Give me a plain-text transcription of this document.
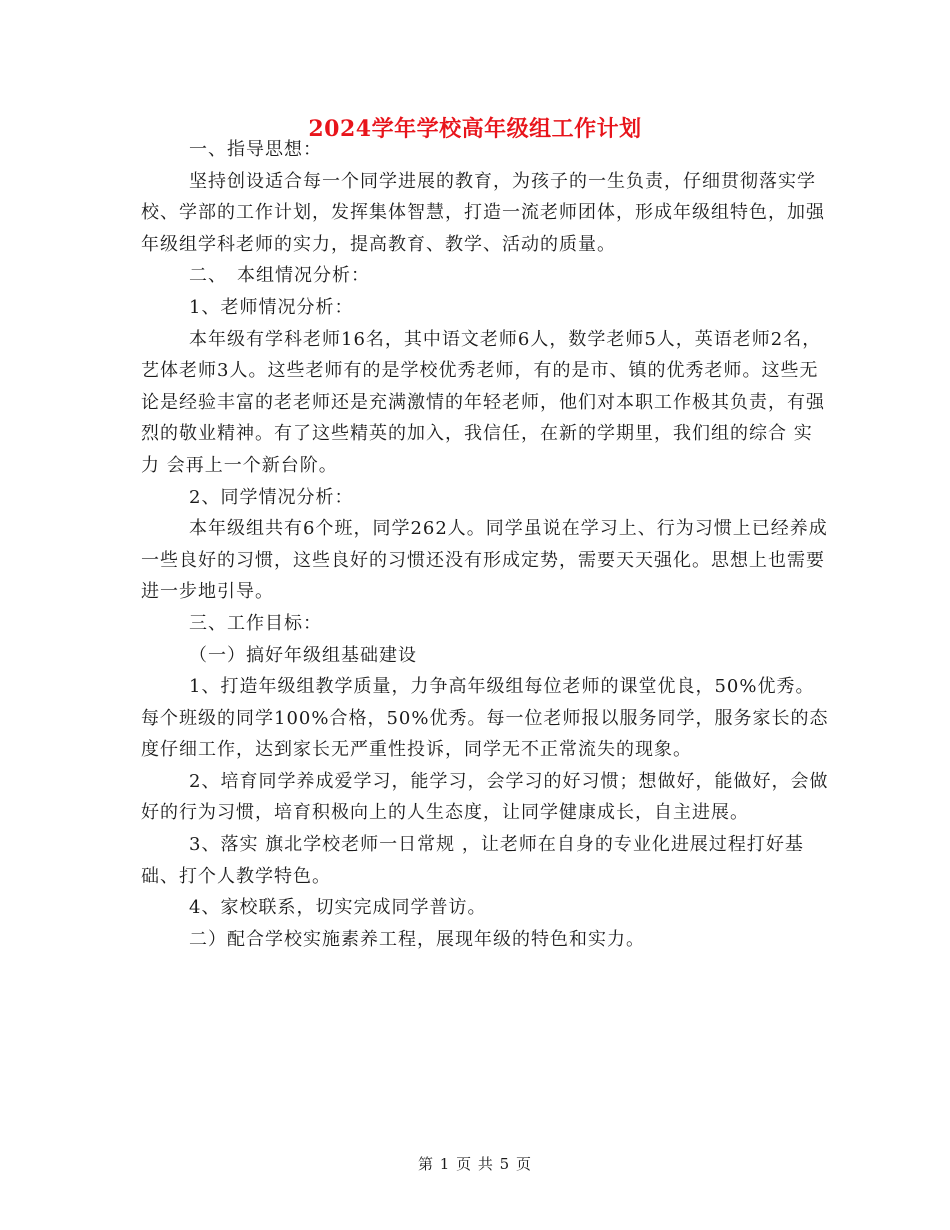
2024学年学校高年级组工作计划

一、指导思想：

坚持创设适合每一个同学进展的教育，为孩子的一生负责，仔细贯彻落实学校、学部的工作计划，发挥集体智慧，打造一流老师团体，形成年级组特色，加强年级组学科老师的实力，提高教育、教学、活动的质量。

二、　本组情况分析：

1、老师情况分析：

本年级有学科老师16名，其中语文老师6人，数学老师5人，英语老师2名，艺体老师3人。这些老师有的是学校优秀老师，有的是市、镇的优秀老师。这些无论是经验丰富的老老师还是充满激情的年轻老师，他们对本职工作极其负责，有强烈的敬业精神。有了这些精英的加入，我信任，在新的学期里，我们组的综合 实力 会再上一个新台阶。

2、同学情况分析：

本年级组共有6个班，同学262人。同学虽说在学习上、行为习惯上已经养成一些良好的习惯，这些良好的习惯还没有形成定势，需要天天强化。思想上也需要进一步地引导。

三、工作目标：

（一）搞好年级组基础建设

1、打造年级组教学质量，力争高年级组每位老师的课堂优良，50%优秀。每个班级的同学100%合格，50%优秀。每一位老师报以服务同学，服务家长的态度仔细工作，达到家长无严重性投诉，同学无不正常流失的现象。

2、培育同学养成爱学习，能学习，会学习的好习惯；想做好，能做好，会做好的行为习惯，培育积极向上的人生态度，让同学健康成长，自主进展。

3、落实 旗北学校老师一日常规 ，让老师在自身的专业化进展过程打好基础、打个人教学特色。

4、家校联系，切实完成同学普访。

二）配合学校实施素养工程，展现年级的特色和实力。

第 1 页 共 5 页
